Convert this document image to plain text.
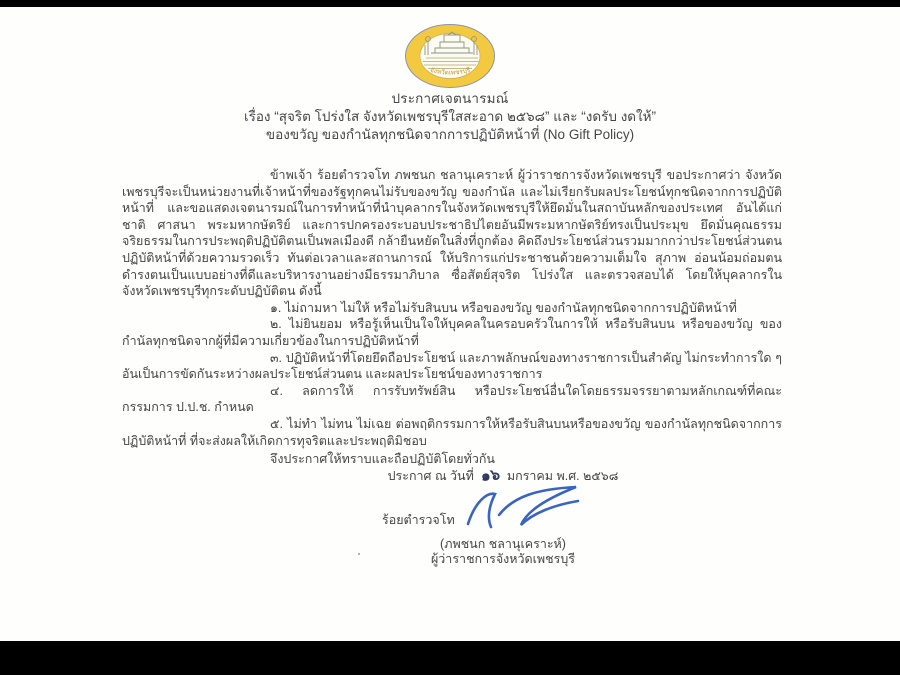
จังหวัดเพชรบุรี
ประกาศเจตนารมณ์
เรื่อง “สุจริต โปร่งใส จังหวัดเพชรบุรีใสสะอาด ๒๕๖๘” และ “งดรับ งดให้”
ของขวัญ ของกำนัลทุกชนิดจากการปฏิบัติหน้าที่ (No Gift Policy)

ข้าพเจ้า ร้อยตำรวจโท ภพชนก ชลานุเคราะห์ ผู้ว่าราชการจังหวัดเพชรบุรี ขอประกาศว่า จังหวัดเพชรบุรีจะเป็นหน่วยงานที่เจ้าหน้าที่ของรัฐทุกคนไม่รับของขวัญ ของกำนัล และไม่เรียกรับผลประโยชน์ทุกชนิดจากการปฏิบัติหน้าที่ และขอแสดงเจตนารมณ์ในการทำหน้าที่นำบุคลากรในจังหวัดเพชรบุรีให้ยึดมั่นในสถาบันหลักของประเทศ อันได้แก่ ชาติ ศาสนา พระมหากษัตริย์ และการปกครองระบอบประชาธิปไตยอันมีพระมหากษัตริย์ทรงเป็นประมุข ยึดมั่นคุณธรรม จริยธรรมในการประพฤติปฏิบัติตนเป็นพลเมืองดี กล้ายืนหยัดในสิ่งที่ถูกต้อง คิดถึงประโยชน์ส่วนรวมมากกว่าประโยชน์ส่วนตน ปฏิบัติหน้าที่ด้วยความรวดเร็ว ทันต่อเวลาและสถานการณ์ ให้บริการแก่ประชาชนด้วยความเต็มใจ สุภาพ อ่อนน้อมถ่อมตนดำรงตนเป็นแบบอย่างที่ดีและบริหารงานอย่างมีธรรมาภิบาล ซื่อสัตย์สุจริต โปร่งใส และตรวจสอบได้ โดยให้บุคลากรในจังหวัดเพชรบุรีทุกระดับปฏิบัติตน ดังนี้

๑. ไม่ถามหา ไม่ให้ หรือไม่รับสินบน หรือของขวัญ ของกำนัลทุกชนิดจากการปฏิบัติหน้าที่

๒. ไม่ยินยอม หรือรู้เห็นเป็นใจให้บุคคลในครอบครัวในการให้ หรือรับสินบน หรือของขวัญ ของกำนัลทุกชนิดจากผู้ที่มีความเกี่ยวข้องในการปฏิบัติหน้าที่

๓. ปฏิบัติหน้าที่โดยยึดถือประโยชน์ และภาพลักษณ์ของทางราชการเป็นสำคัญ ไม่กระทำการใด ๆ อันเป็นการขัดกันระหว่างผลประโยชน์ส่วนตน และผลประโยชน์ของทางราชการ

๔. ลดการให้ การรับทรัพย์สิน หรือประโยชน์อื่นใดโดยธรรมจรรยาตามหลักเกณฑ์ที่คณะกรรมการ ป.ป.ช. กำหนด

๕. ไม่ทำ ไม่ทน ไม่เฉย ต่อพฤติกรรมการให้หรือรับสินบนหรือของขวัญ ของกำนัลทุกชนิดจากการปฏิบัติหน้าที่ ที่จะส่งผลให้เกิดการทุจริตและประพฤติมิชอบ

จึงประกาศให้ทราบและถือปฏิบัติโดยทั่วกัน

ประกาศ ณ วันที่ ๑๖ มกราคม พ.ศ. ๒๕๖๘

ร้อยตำรวจโท
(ภพชนก ชลานุเคราะห์)
ผู้ว่าราชการจังหวัดเพชรบุรี
